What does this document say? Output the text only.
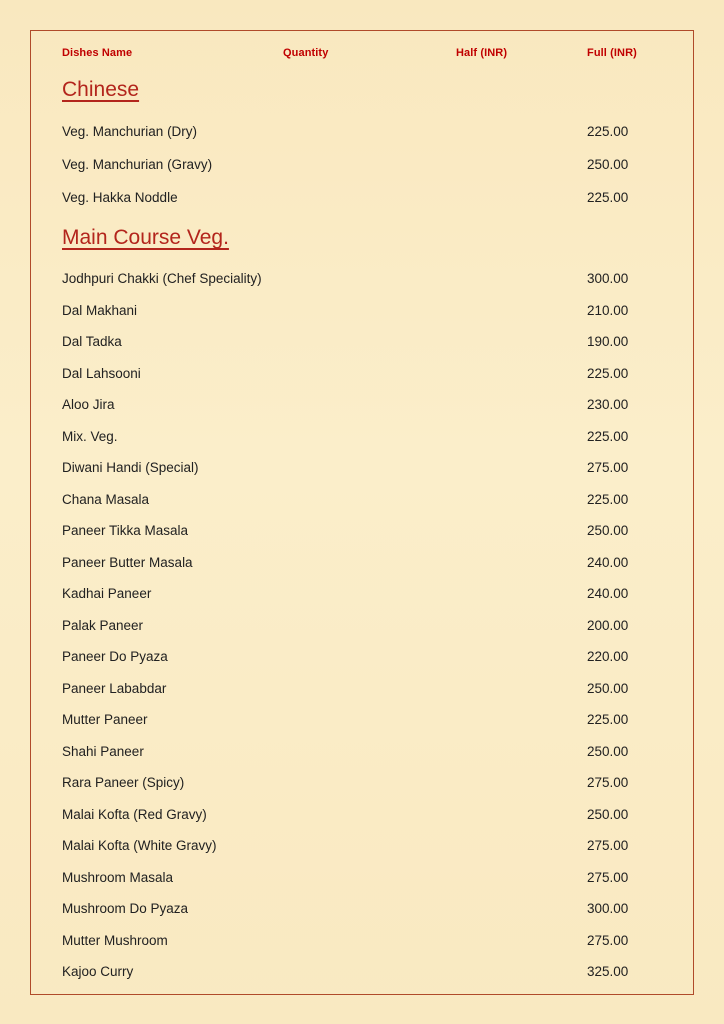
Dishes Name	Quantity	Half (INR)	Full (INR)
Chinese
Veg. Manchurian (Dry)	225.00
Veg. Manchurian (Gravy)	250.00
Veg. Hakka Noddle	225.00
Main Course Veg.
Jodhpuri Chakki (Chef Speciality)	300.00
Dal Makhani	210.00
Dal Tadka	190.00
Dal Lahsooni	225.00
Aloo Jira	230.00
Mix. Veg.	225.00
Diwani Handi (Special)	275.00
Chana Masala	225.00
Paneer Tikka Masala	250.00
Paneer Butter Masala	240.00
Kadhai Paneer	240.00
Palak Paneer	200.00
Paneer Do Pyaza	220.00
Paneer Lababdar	250.00
Mutter Paneer	225.00
Shahi Paneer	250.00
Rara Paneer (Spicy)	275.00
Malai Kofta (Red Gravy)	250.00
Malai Kofta (White Gravy)	275.00
Mushroom Masala	275.00
Mushroom Do Pyaza	300.00
Mutter Mushroom	275.00
Kajoo Curry	325.00
